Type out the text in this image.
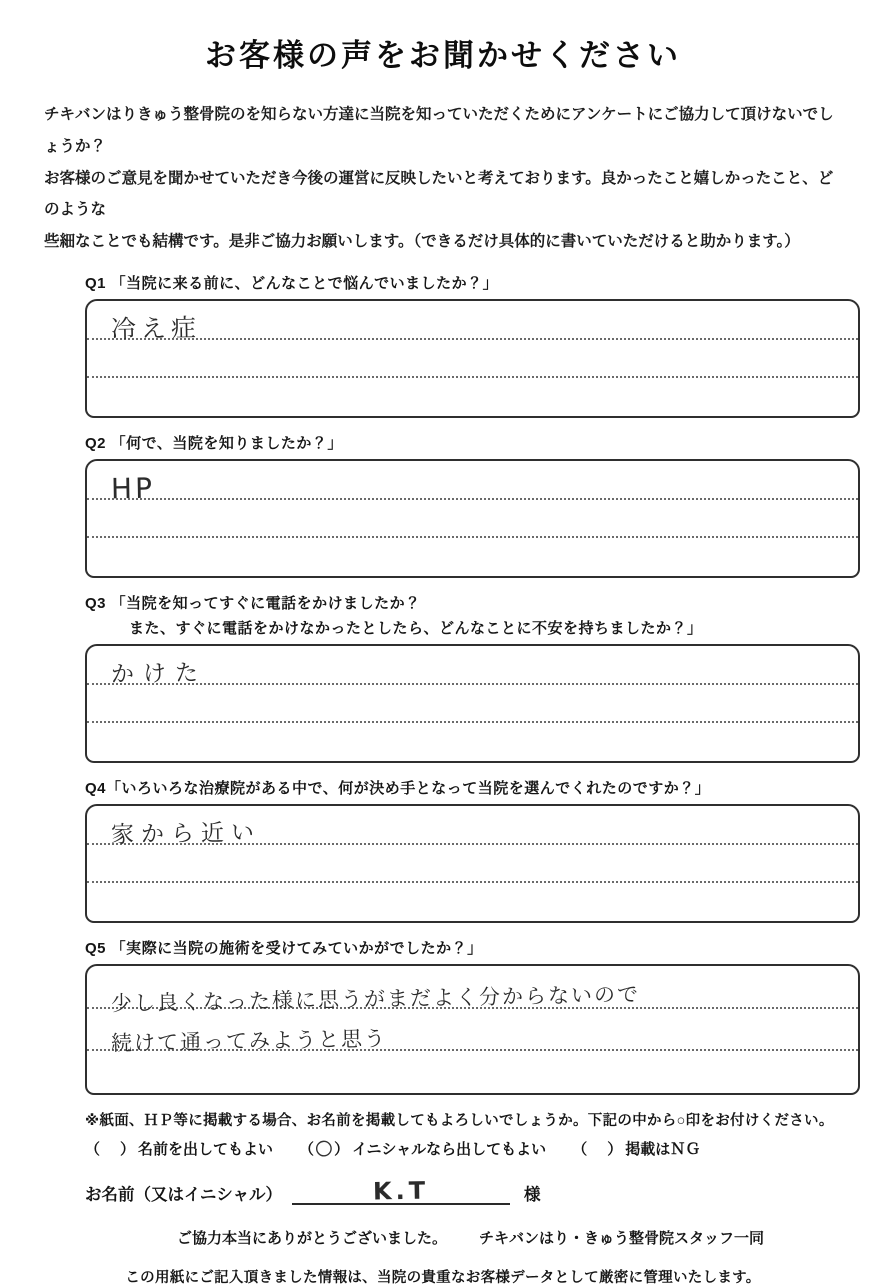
お客様の声をお聞かせください
チキバンはりきゅう整骨院のを知らない方達に当院を知っていただくためにアンケートにご協力して頂けないでしょうか？
お客様のご意見を聞かせていただき今後の運営に反映したいと考えております。良かったこと嬉しかったこと、どのような
些細なことでも結構です。是非ご協力お願いします。（できるだけ具体的に書いていただけると助かります。）
Q1 「当院に来る前に、どんなことで悩んでいましたか？」
冷え症
Q2 「何で、当院を知りましたか？」
HP
Q3 「当院を知ってすぐに電話をかけましたか？
また、すぐに電話をかけなかったとしたら、どんなことに不安を持ちましたか？」
かけた
Q4「いろいろな治療院がある中で、何が決め手となって当院を選んでくれたのですか？」
家から近い
Q5 「実際に当院の施術を受けてみていかがでしたか？」
少し良くなった様に思うがまだよく分からないので
続けて通ってみようと思う
※紙面、ＨＰ等に掲載する場合、お名前を掲載してもよろしいでしょうか。下記の中から○印をお付けください。
（ ） 名前を出してもよい （〇） イニシャルなら出してもよい （ ） 掲載はＮＧ
お名前（又はイニシャル）	K.T	様
ご協力本当にありがとうございました。 チキバンはり・きゅう整骨院スタッフ一同
この用紙にご記入頂きました情報は、当院の貴重なお客様データとして厳密に管理いたします。
